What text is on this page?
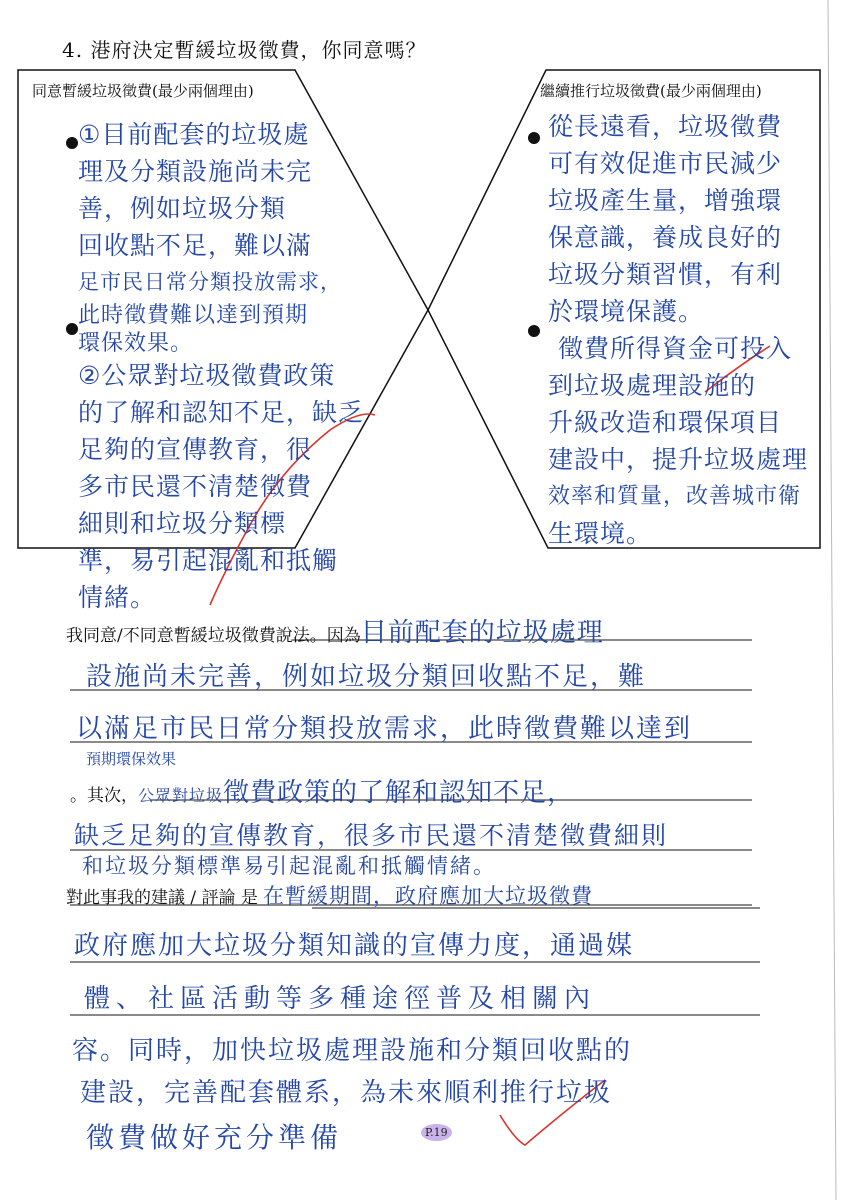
4. 港府決定暫緩垃圾徵費，你同意嗎？
同意暫緩垃圾徵費(最少兩個理由)	繼續推行垃圾徵費(最少兩個理由)
①目前配套的垃圾處
理及分類設施尚未完
善，例如垃圾分類
回收點不足，難以滿
足市民日常分類投放需求，
此時徵費難以達到預期
環保效果。
②公眾對垃圾徵費政策
的了解和認知不足，缺乏
足夠的宣傳教育，很
多市民還不清楚徵費
細則和垃圾分類標
準，易引起混亂和抵觸
情緒。
從長遠看，垃圾徵費
可有效促進市民減少
垃圾產生量，增強環
保意識，養成良好的
垃圾分類習慣，有利
於環境保護。
徵費所得資金可投入
到垃圾處理設施的
升級改造和環保項目
建設中，提升垃圾處理
效率和質量，改善城市衛
生環境。
我同意/不同意暫緩垃圾徵費說法。因為目前配套的垃圾處理
設施尚未完善，例如垃圾分類回收點不足，難
以滿足市民日常分類投放需求，此時徵費難以達到
預期環保效果
。其次，公眾對垃圾徵費政策的了解和認知不足，
缺乏足夠的宣傳教育，很多市民還不清楚徵費細則
和垃圾分類標準易引起混亂和抵觸情緒。
對此事我的建議 / 評論 是 在暫緩期間，政府應加大垃圾徵費
政府應加大垃圾分類知識的宣傳力度，通過媒
體、社區活動等多種途徑普及相關內
容。同時，加快垃圾處理設施和分類回收點的
建設，完善配套體系，為未來順利推行垃圾
徵費做好充分準備	P.19
